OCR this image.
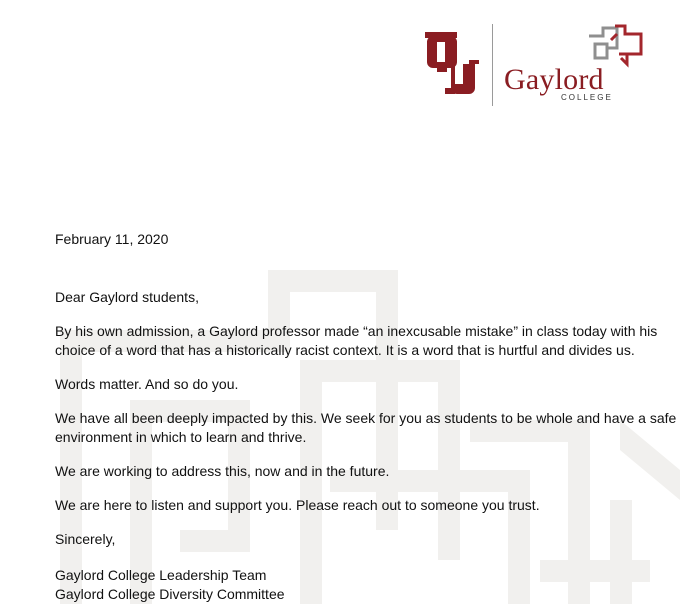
Gaylord
COLLEGE

February 11, 2020

Dear Gaylord students,

By his own admission, a Gaylord professor made “an inexcusable mistake” in class today with his choice of a word that has a historically racist context. It is a word that is hurtful and divides us.

Words matter. And so do you.

We have all been deeply impacted by this. We seek for you as students to be whole and have a safe environment in which to learn and thrive.

We are working to address this, now and in the future.

We are here to listen and support you. Please reach out to someone you trust.

Sincerely,

Gaylord College Leadership Team

Gaylord College Diversity Committee
